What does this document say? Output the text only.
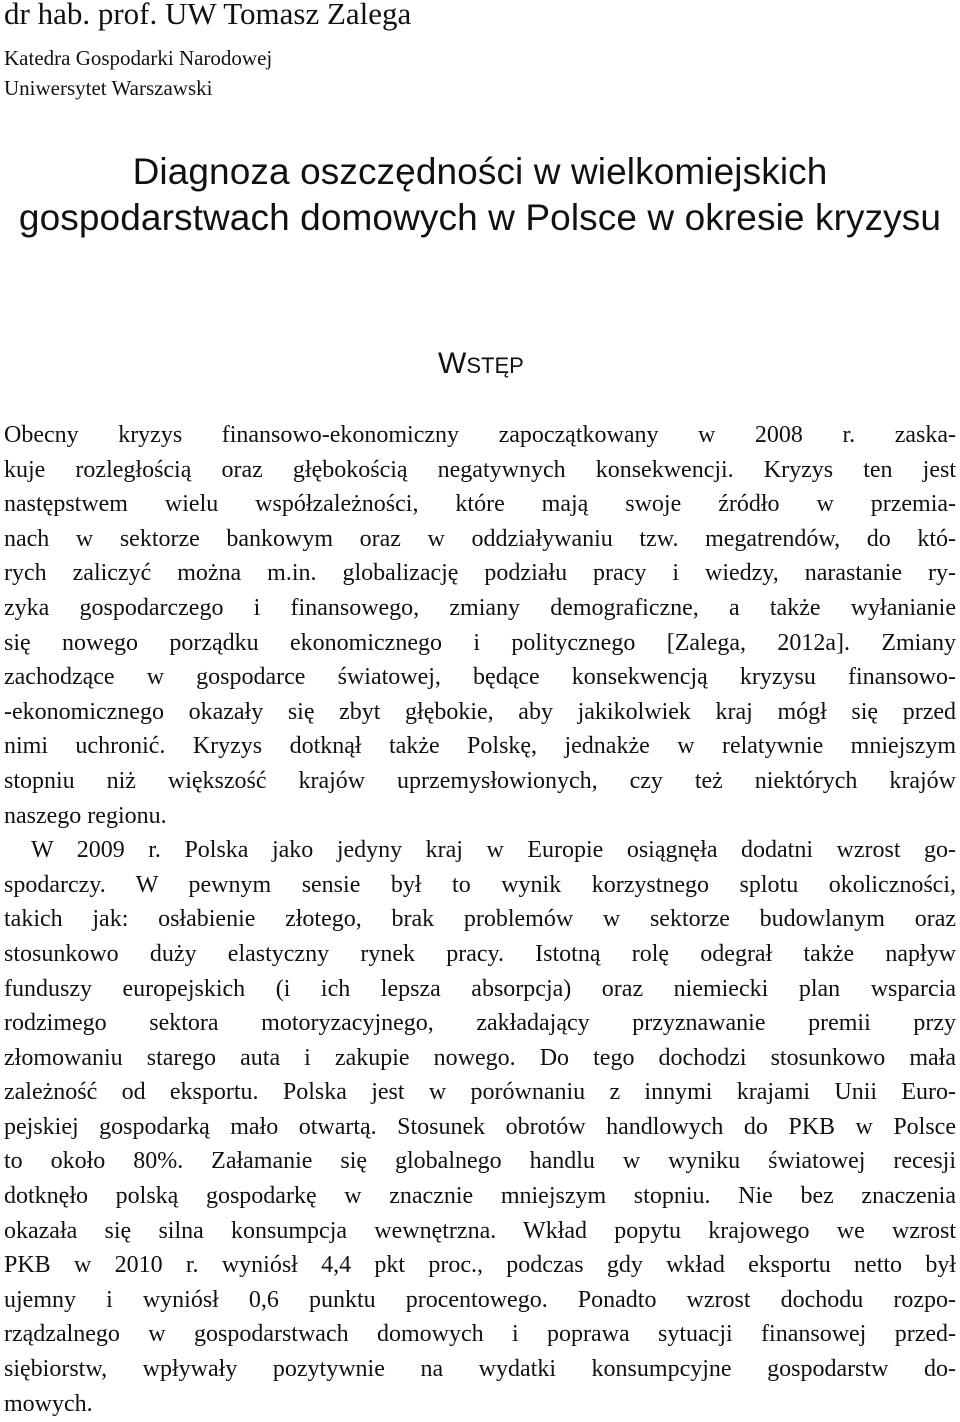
dr hab. prof. UW Tomasz Zalega
Katedra Gospodarki Narodowej
Uniwersytet Warszawski
Diagnoza oszczędności w wielkomiejskich
gospodarstwach domowych w Polsce w okresie kryzysu
WSTĘP
Obecny kryzys finansowo-ekonomiczny zapoczątkowany w 2008 r. zaska-
kuje rozległością oraz głębokością negatywnych konsekwencji. Kryzys ten jest
następstwem wielu współzależności, które mają swoje źródło w przemia-
nach w sektorze bankowym oraz w oddziaływaniu tzw. megatrendów, do któ-
rych zaliczyć można m.in. globalizację podziału pracy i wiedzy, narastanie ry-
zyka gospodarczego i finansowego, zmiany demograficzne, a także wyłanianie
się nowego porządku ekonomicznego i politycznego [Zalega, 2012a]. Zmiany
zachodzące w gospodarce światowej, będące konsekwencją kryzysu finansowo-
-ekonomicznego okazały się zbyt głębokie, aby jakikolwiek kraj mógł się przed
nimi uchronić. Kryzys dotknął także Polskę, jednakże w relatywnie mniejszym
stopniu niż większość krajów uprzemysłowionych, czy też niektórych krajów
naszego regionu.
W 2009 r. Polska jako jedyny kraj w Europie osiągnęła dodatni wzrost go-
spodarczy. W pewnym sensie był to wynik korzystnego splotu okoliczności,
takich jak: osłabienie złotego, brak problemów w sektorze budowlanym oraz
stosunkowo duży elastyczny rynek pracy. Istotną rolę odegrał także napływ
funduszy europejskich (i ich lepsza absorpcja) oraz niemiecki plan wsparcia
rodzimego sektora motoryzacyjnego, zakładający przyznawanie premii przy
złomowaniu starego auta i zakupie nowego. Do tego dochodzi stosunkowo mała
zależność od eksportu. Polska jest w porównaniu z innymi krajami Unii Euro-
pejskiej gospodarką mało otwartą. Stosunek obrotów handlowych do PKB w Polsce
to około 80%. Załamanie się globalnego handlu w wyniku światowej recesji
dotknęło polską gospodarkę w znacznie mniejszym stopniu. Nie bez znaczenia
okazała się silna konsumpcja wewnętrzna. Wkład popytu krajowego we wzrost
PKB w 2010 r. wyniósł 4,4 pkt proc., podczas gdy wkład eksportu netto był
ujemny i wyniósł 0,6 punktu procentowego. Ponadto wzrost dochodu rozpo-
rządzalnego w gospodarstwach domowych i poprawa sytuacji finansowej przed-
siębiorstw, wpływały pozytywnie na wydatki konsumpcyjne gospodarstw do-
mowych.
